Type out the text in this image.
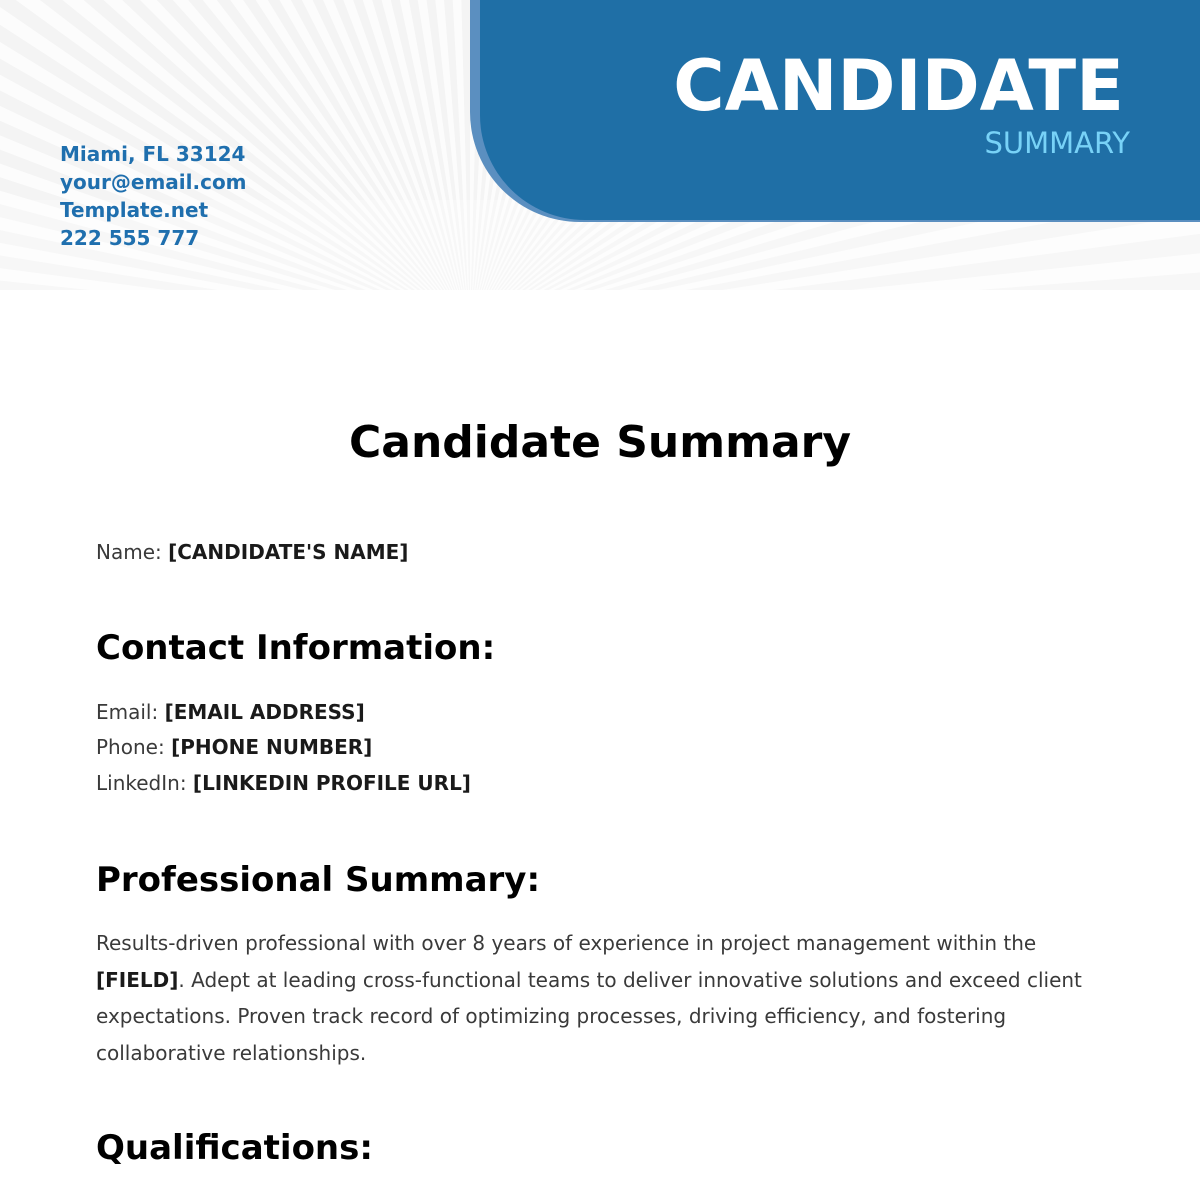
Miami, FL 33124
your@email.com
Template.net
222 555 777
CANDIDATE
SUMMARY
Candidate Summary
Name: [CANDIDATE'S NAME]
Contact Information:
Email: [EMAIL ADDRESS]
Phone: [PHONE NUMBER]
LinkedIn: [LINKEDIN PROFILE URL]
Professional Summary:
Results-driven professional with over 8 years of experience in project management within the [FIELD]. Adept at leading cross-functional teams to deliver innovative solutions and exceed client expectations. Proven track record of optimizing processes, driving efficiency, and fostering collaborative relationships.
Qualifications:
